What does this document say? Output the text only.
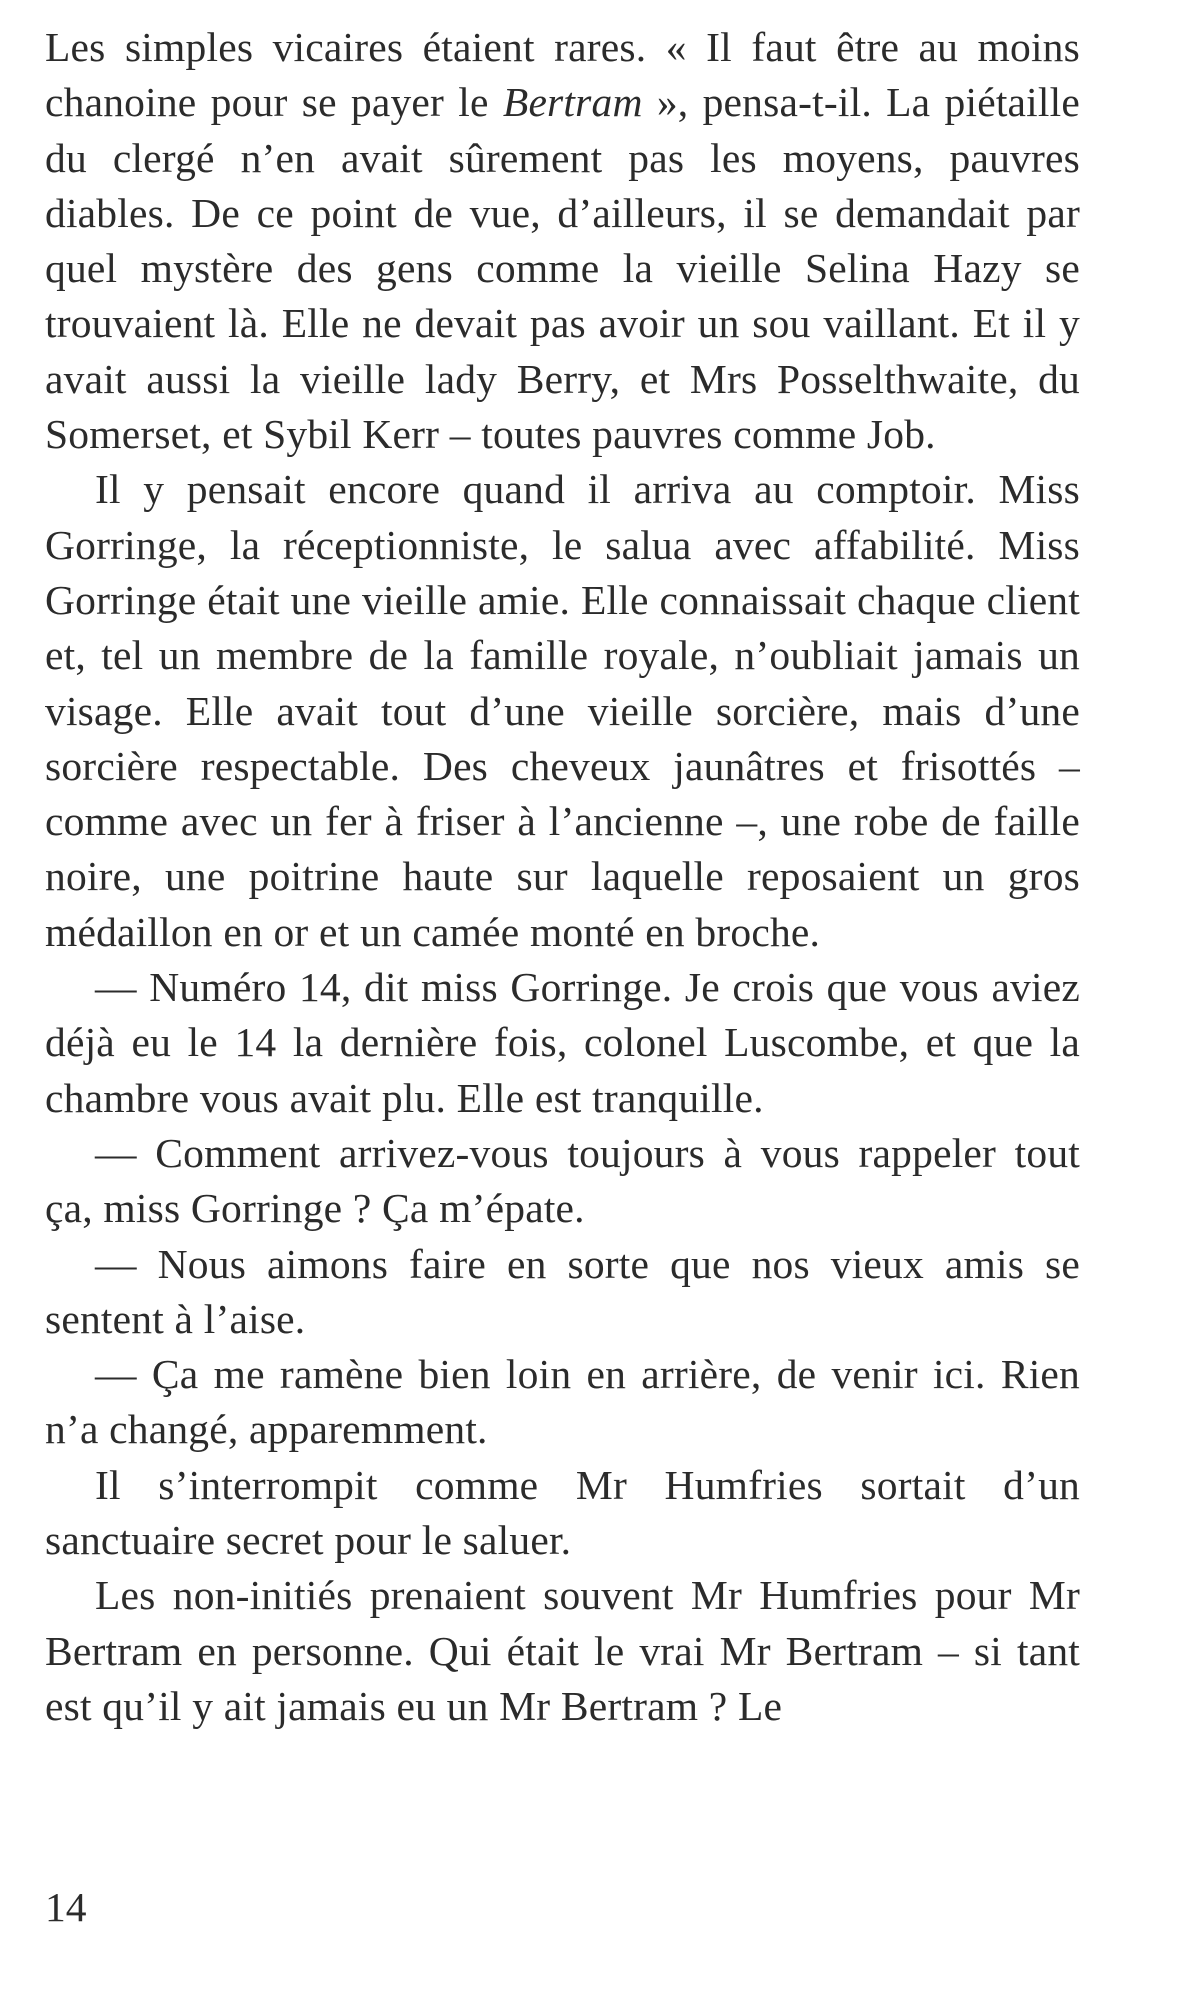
Les simples vicaires étaient rares. « Il faut être au moins chanoine pour se payer le Bertram », pensa-t-il. La piétaille du clergé n’en avait sûrement pas les moyens, pauvres diables. De ce point de vue, d’ailleurs, il se demandait par quel mystère des gens comme la vieille Selina Hazy se trouvaient là. Elle ne devait pas avoir un sou vaillant. Et il y avait aussi la vieille lady Berry, et Mrs Posselthwaite, du Somerset, et Sybil Kerr – toutes pauvres comme Job.

Il y pensait encore quand il arriva au comptoir. Miss Gorringe, la réceptionniste, le salua avec affabilité. Miss Gorringe était une vieille amie. Elle connaissait chaque client et, tel un membre de la famille royale, n’oubliait jamais un visage. Elle avait tout d’une vieille sorcière, mais d’une sorcière respectable. Des cheveux jaunâtres et frisottés – comme avec un fer à friser à l’ancienne –, une robe de faille noire, une poitrine haute sur laquelle reposaient un gros médaillon en or et un camée monté en broche.

— Numéro 14, dit miss Gorringe. Je crois que vous aviez déjà eu le 14 la dernière fois, colonel Luscombe, et que la chambre vous avait plu. Elle est tranquille.

— Comment arrivez-vous toujours à vous rappeler tout ça, miss Gorringe ? Ça m’épate.

— Nous aimons faire en sorte que nos vieux amis se sentent à l’aise.

— Ça me ramène bien loin en arrière, de venir ici. Rien n’a changé, apparemment.

Il s’interrompit comme Mr Humfries sortait d’un sanctuaire secret pour le saluer.

Les non-initiés prenaient souvent Mr Humfries pour Mr Bertram en personne. Qui était le vrai Mr Bertram – si tant est qu’il y ait jamais eu un Mr Bertram ? Le

14
